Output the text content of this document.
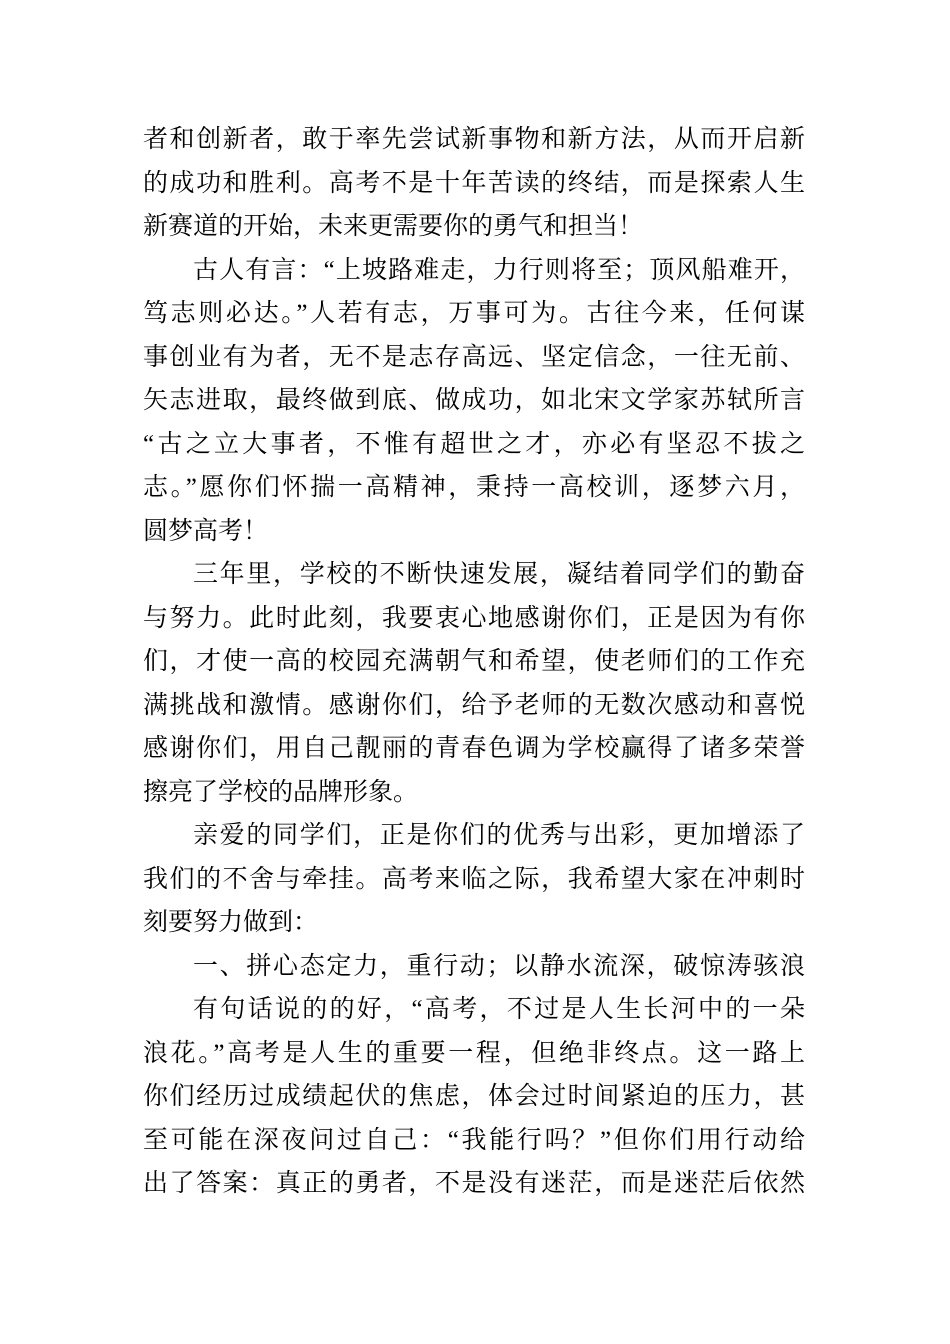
者和创新者，敢于率先尝试新事物和新方法，从而开启新
的成功和胜利。高考不是十年苦读的终结，而是探索人生
新赛道的开始，未来更需要你的勇气和担当！
古人有言：“上坡路难走，力行则将至；顶风船难开，
笃志则必达。”人若有志，万事可为。古往今来，任何谋
事创业有为者，无不是志存高远、坚定信念，一往无前、
矢志进取，最终做到底、做成功，如北宋文学家苏轼所言
“古之立大事者，不惟有超世之才，亦必有坚忍不拔之
志。”愿你们怀揣一高精神，秉持一高校训，逐梦六月，
圆梦高考！
三年里，学校的不断快速发展，凝结着同学们的勤奋
与努力。此时此刻，我要衷心地感谢你们，正是因为有你
们，才使一高的校园充满朝气和希望，使老师们的工作充
满挑战和激情。感谢你们，给予老师的无数次感动和喜悦
感谢你们，用自己靓丽的青春色调为学校赢得了诸多荣誉
擦亮了学校的品牌形象。
亲爱的同学们，正是你们的优秀与出彩，更加增添了
我们的不舍与牵挂。高考来临之际，我希望大家在冲刺时
刻要努力做到：
一、拼心态定力，重行动；以静水流深，破惊涛骇浪
有句话说的的好，“高考，不过是人生长河中的一朵
浪花。”高考是人生的重要一程，但绝非终点。这一路上
你们经历过成绩起伏的焦虑，体会过时间紧迫的压力，甚
至可能在深夜问过自己：“我能行吗？”但你们用行动给
出了答案：真正的勇者，不是没有迷茫，而是迷茫后依然
